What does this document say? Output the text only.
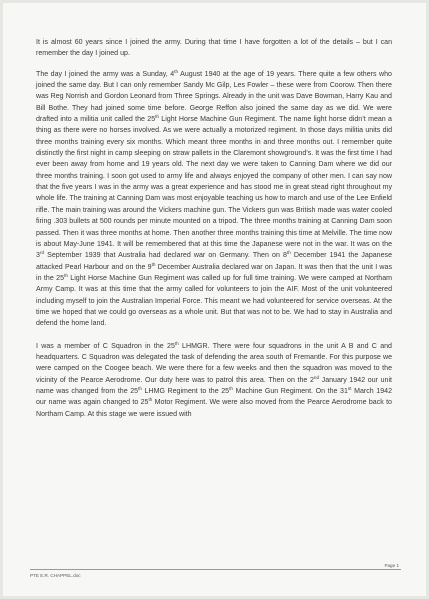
It is almost 60 years since I joined the army. During that time I have forgotten a lot of the details – but I can remember the day I joined up.

The day I joined the army was a Sunday, 4th August 1940 at the age of 19 years. There quite a few others who joined the same day. But I can only remember Sandy Mc Gilp, Les Fowler – these were from Coorow. Then there was Reg Norrish and Gordon Leonard from Three Springs. Already in the unit was Dave Bowman, Harry Kau and Bill Bothe. They had joined some time before. George Reffon also joined the same day as we did. We were drafted into a militia unit called the 25th Light Horse Machine Gun Regiment. The name light horse didn’t mean a thing as there were no horses involved. As we were actually a motorized regiment. In those days militia units did three months training every six months. Which meant three months in and three months out. I remember quite distinctly the first night in camp sleeping on straw pallets in the Claremont showground’s. It was the first time I had ever been away from home and 19 years old. The next day we were taken to Canning Dam where we did our three months training. I soon got used to army life and always enjoyed the company of other men. I can say now that the five years I was in the army was a great experience and has stood me in great stead right throughout my whole life. The training at Canning Dam was most enjoyable teaching us how to march and use of the Lee Enfield rifle. The main training was around the Vickers machine gun. The Vickers gun was British made was water cooled firing .303 bullets at 500 rounds per minute mounted on a tripod. The three months training at Canning Dam soon passed. Then it was three months at home. Then another three months training this time at Melville. The time now is about May-June 1941. It will be remembered that at this time the Japanese were not in the war. It was on the 3rd September 1939 that Australia had declared war on Germany. Then on 8th December 1941 the Japanese attacked Pearl Harbour and on the 9th December Australia declared war on Japan. It was then that the unit I was in the 25th Light Horse Machine Gun Regiment was called up for full time training. We were camped at Northam Army Camp. It was at this time that the army called for volunteers to join the AIF. Most of the unit volunteered including myself to join the Australian Imperial Force. This meant we had volunteered for service overseas. At the time we hoped that we could go overseas as a whole unit. But that was not to be. We had to stay in Australia and defend the home land.

I was a member of C Squadron in the 25th LHMGR. There were four squadrons in the unit A B and C and headquarters. C Squadron was delegated the task of defending the area south of Fremantle. For this purpose we were camped on the Coogee beach. We were there for a few weeks and then the squadron was moved to the vicinity of the Pearce Aerodrome. Our duty here was to patrol this area. Then on the 2nd January 1942 our unit name was changed from the 25th LHMG Regiment to the 25th Machine Gun Regiment. On the 31st March 1942 our name was again changed to 25th Motor Regiment. We were also moved from the Pearce Aerodrome back to Northam Camp. At this stage we were issued with

PTE E.R. CHAPPEL.doc
Page 1
